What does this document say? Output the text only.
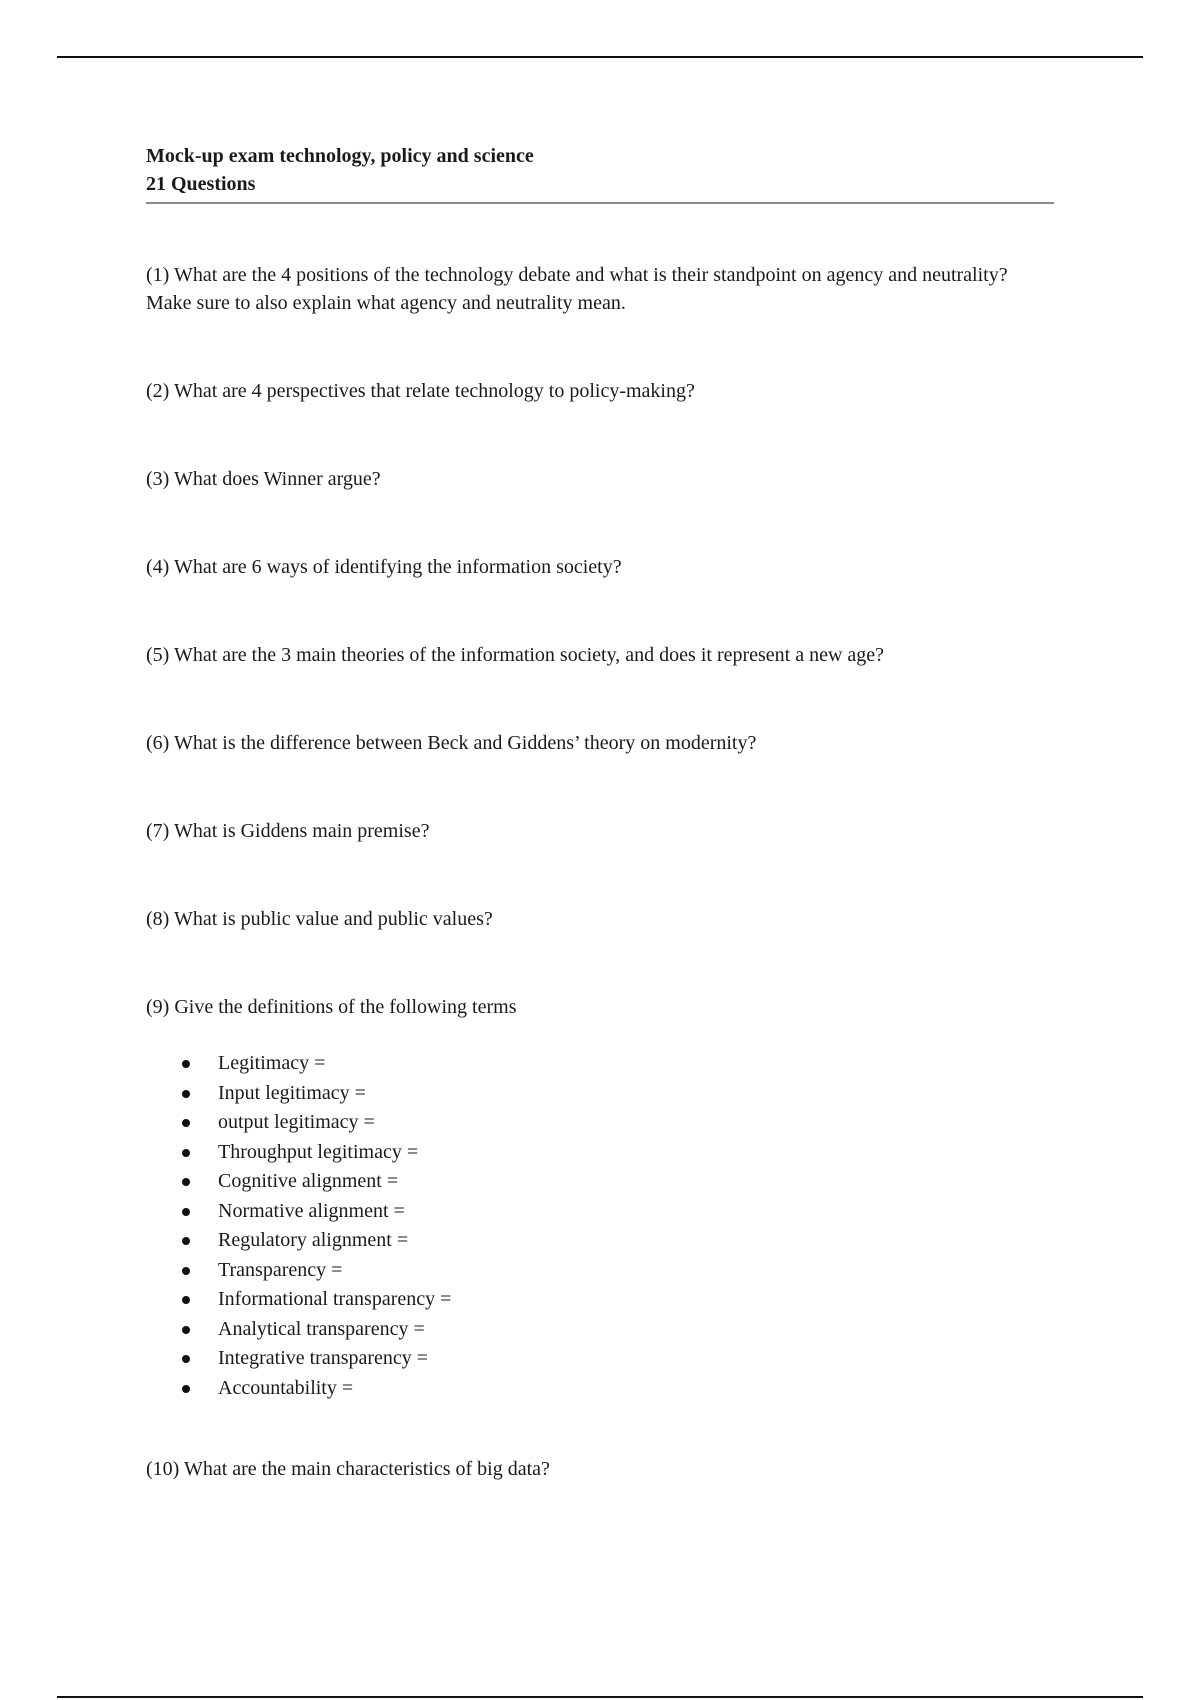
Mock-up exam technology, policy and science
21 Questions

(1) What are the 4 positions of the technology debate and what is their standpoint on agency and neutrality? Make sure to also explain what agency and neutrality mean.

(2) What are 4 perspectives that relate technology to policy-making?

(3) What does Winner argue?

(4) What are 6 ways of identifying the information society?

(5) What are the 3 main theories of the information society, and does it represent a new age?

(6) What is the difference between Beck and Giddens’ theory on modernity?

(7) What is Giddens main premise?

(8) What is public value and public values?

(9) Give the definitions of the following terms

Legitimacy =
Input legitimacy =
output legitimacy =
Throughput legitimacy =
Cognitive alignment =
Normative alignment =
Regulatory alignment =
Transparency =
Informational transparency =
Analytical transparency =
Integrative transparency =
Accountability =

(10) What are the main characteristics of big data?
